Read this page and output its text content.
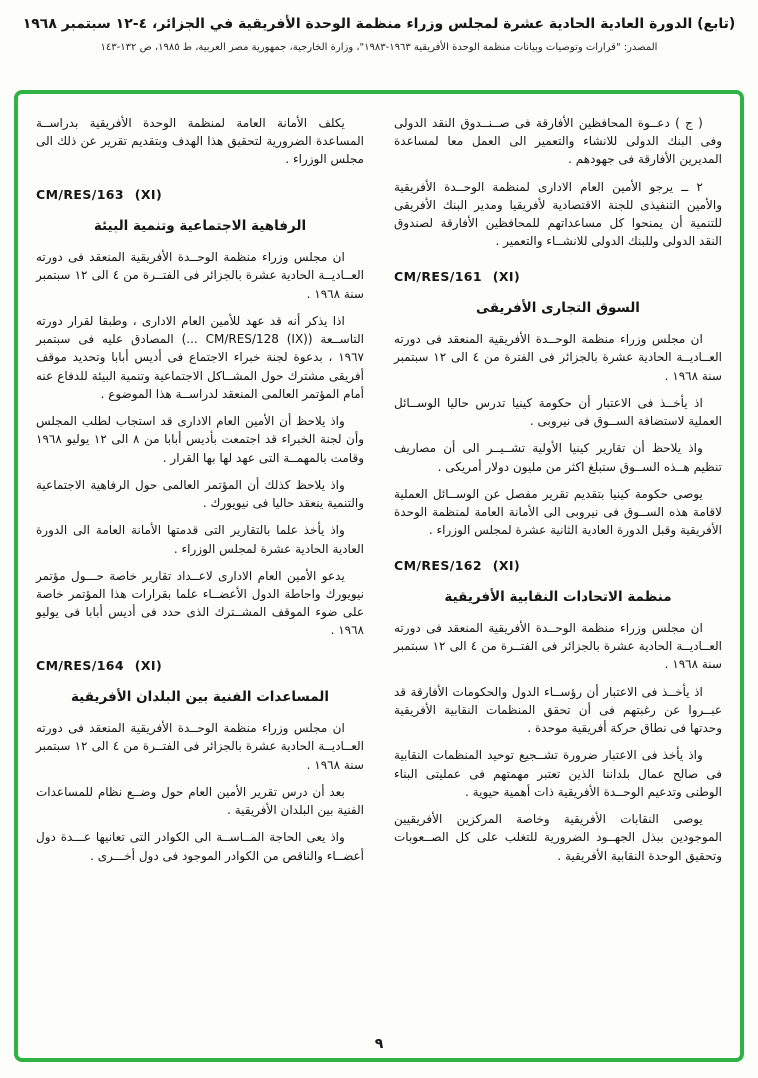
(تابع) الدورة العادية الحادية عشرة لمجلس وزراء منظمة الوحدة الأفريقية في الجزائر، ٤-١٢ سبتمبر ١٩٦٨
المصدر: "قرارات وتوصيات وبيانات منظمة الوحدة الأفريقية ١٩٦٣-١٩٨٣"، وزارة الخارجية، جمهورية مصر العربية، ط ١٩٨٥، ص ١٣٢-١٤٣

( ج ) دعــوة المحافظين الأفارقة فى صــنــدوق النقد الدولى وفى البنك الدولى للانشاء والتعمير الى العمل معا لمساعدة المديرين الأفارقة فى جهودهم .

٢ ــ يرجو الأمين العام الادارى لمنظمة الوحــدة الأفريقية والأمين التنفيذى للجنة الاقتصادية لأفريقيا ومدير البنك الأفريقى للتنمية أن يمنحوا كل مساعداتهم للمحافظين الأفارقة لصندوق النقد الدولى وللبنك الدولى للانشــاء والتعمير .

CM/RES/161 (XI)
السوق التجارى الأفريقى

ان مجلس وزراء منظمة الوحــدة الأفريقية المنعقد فى دورته العــاديــة الحادية عشرة بالجزائر فى الفترة من ٤ الى ١٢ سبتمبر سنة ١٩٦٨ .

اذ يأخــذ فى الاعتبار أن حكومة كينيا تدرس حاليا الوســائل العملية لاستضافة الســوق فى نيروبى .

واذ يلاحظ أن تقارير كينيا الأولية تشــيــر الى أن مصاريف تنظيم هــذه الســوق ستبلغ اكثر من مليون دولار أمريكى .

يوصى حكومة كينيا بتقديم تقرير مفصل عن الوســائل العملية لاقامة هذه الســوق فى نيروبى الى الأمانة العامة لمنظمة الوحدة الأفريقية وقبل الدورة العادية الثانية عشرة لمجلس الوزراء .

CM/RES/162 (XI)
منظمة الاتحادات النقابية الأفريقية

ان مجلس وزراء منظمة الوحــدة الأفريقية المنعقد فى دورته العــاديــة الحادية عشرة بالجزائر فى الفتــرة من ٤ الى ١٢ سبتمبر سنة ١٩٦٨ .

اذ يأخــذ فى الاعتبار أن رؤســاء الدول والحكومات الأفارقة قد عبــروا عن رغبتهم فى أن تحقق المنظمات النقابية الأفريقية وحدتها فى نطاق حركة أفريقية موحدة .

واذ يأخذ فى الاعتبار ضرورة تشــجيع توحيد المنظمات النقابية فى صالح عمال بلداننا الذين تعتبر مهمتهم فى عمليتى البناء الوطنى وتدعيم الوحــدة الأفريقية ذات أهمية حيوية .

يوصى النقابات الأفريقية وخاصة المركزين الأفريقيين الموجودين ببذل الجهــود الضرورية للتغلب على كل الصــعوبات وتحقيق الوحدة النقابية الأفريقية .

يكلف الأمانة العامة لمنظمة الوحدة الأفريقية بدراســة المساعدة الضرورية لتحقيق هذا الهدف وبتقديم تقرير عن ذلك الى مجلس الوزراء .

CM/RES/163 (XI)
الرفاهية الاجتماعية وتنمية البيئة

ان مجلس وزراء منظمة الوحــدة الأفريقية المنعقد فى دورته العــاديــة الحادية عشرة بالجزائر فى الفتــرة من ٤ الى ١٢ سبتمبر سنة ١٩٦٨ .

اذا يذكر أنه قد عهد للأمين العام الادارى ، وطبقا لقرار دورته التاســعة (CM/RES/128 (IX) ...) المصادق عليه فى سبتمبر ١٩٦٧ ، بدعوة لجنة خبراء الاجتماع فى أديس أبابا وتحديد موقف أفريقى مشترك حول المشــاكل الاجتماعية وتنمية البيئة للدفاع عنه أمام المؤتمر العالمى المنعقد لدراســة هذا الموضوع .

واذ يلاحظ أن الأمين العام الادارى قد استجاب لطلب المجلس وأن لجنة الخبراء قد اجتمعت بأديس أبابا من ٨ الى ١٢ يوليو ١٩٦٨ وقامت بالمهمــة التى عهد لها بها القرار .

واذ يلاحظ كذلك أن المؤتمر العالمى حول الرفاهية الاجتماعية والتنمية ينعقد حاليا فى نيويورك .

واذ يأخذ علما بالتقارير التى قدمتها الأمانة العامة الى الدورة العادية الحادية عشرة لمجلس الوزراء .

يدعو الأمين العام الادارى لاعــداد تقارير خاصة حـــول مؤتمر نيويورك واحاطة الدول الأعضــاء علما بقرارات هذا المؤتمر خاصة على ضوء الموقف المشــترك الذى حدد فى أديس أبابا فى يوليو ١٩٦٨ .

CM/RES/164 (XI)
المساعدات الفنية بين البلدان الأفريقية

ان مجلس وزراء منظمة الوحــدة الأفريقية المنعقد فى دورته العــاديــة الحادية عشرة بالجزائر فى الفتــرة من ٤ الى ١٢ سبتمبر سنة ١٩٦٨ .

بعد أن درس تقرير الأمين العام حول وضــع نظام للمساعدات الفنية بين البلدان الأفريقية .

واذ يعى الحاجة المــاســة الى الكوادر التى تعانيها عـــدة دول أعضــاء والناقص من الكوادر الموجود فى دول أخـــرى .

٩
